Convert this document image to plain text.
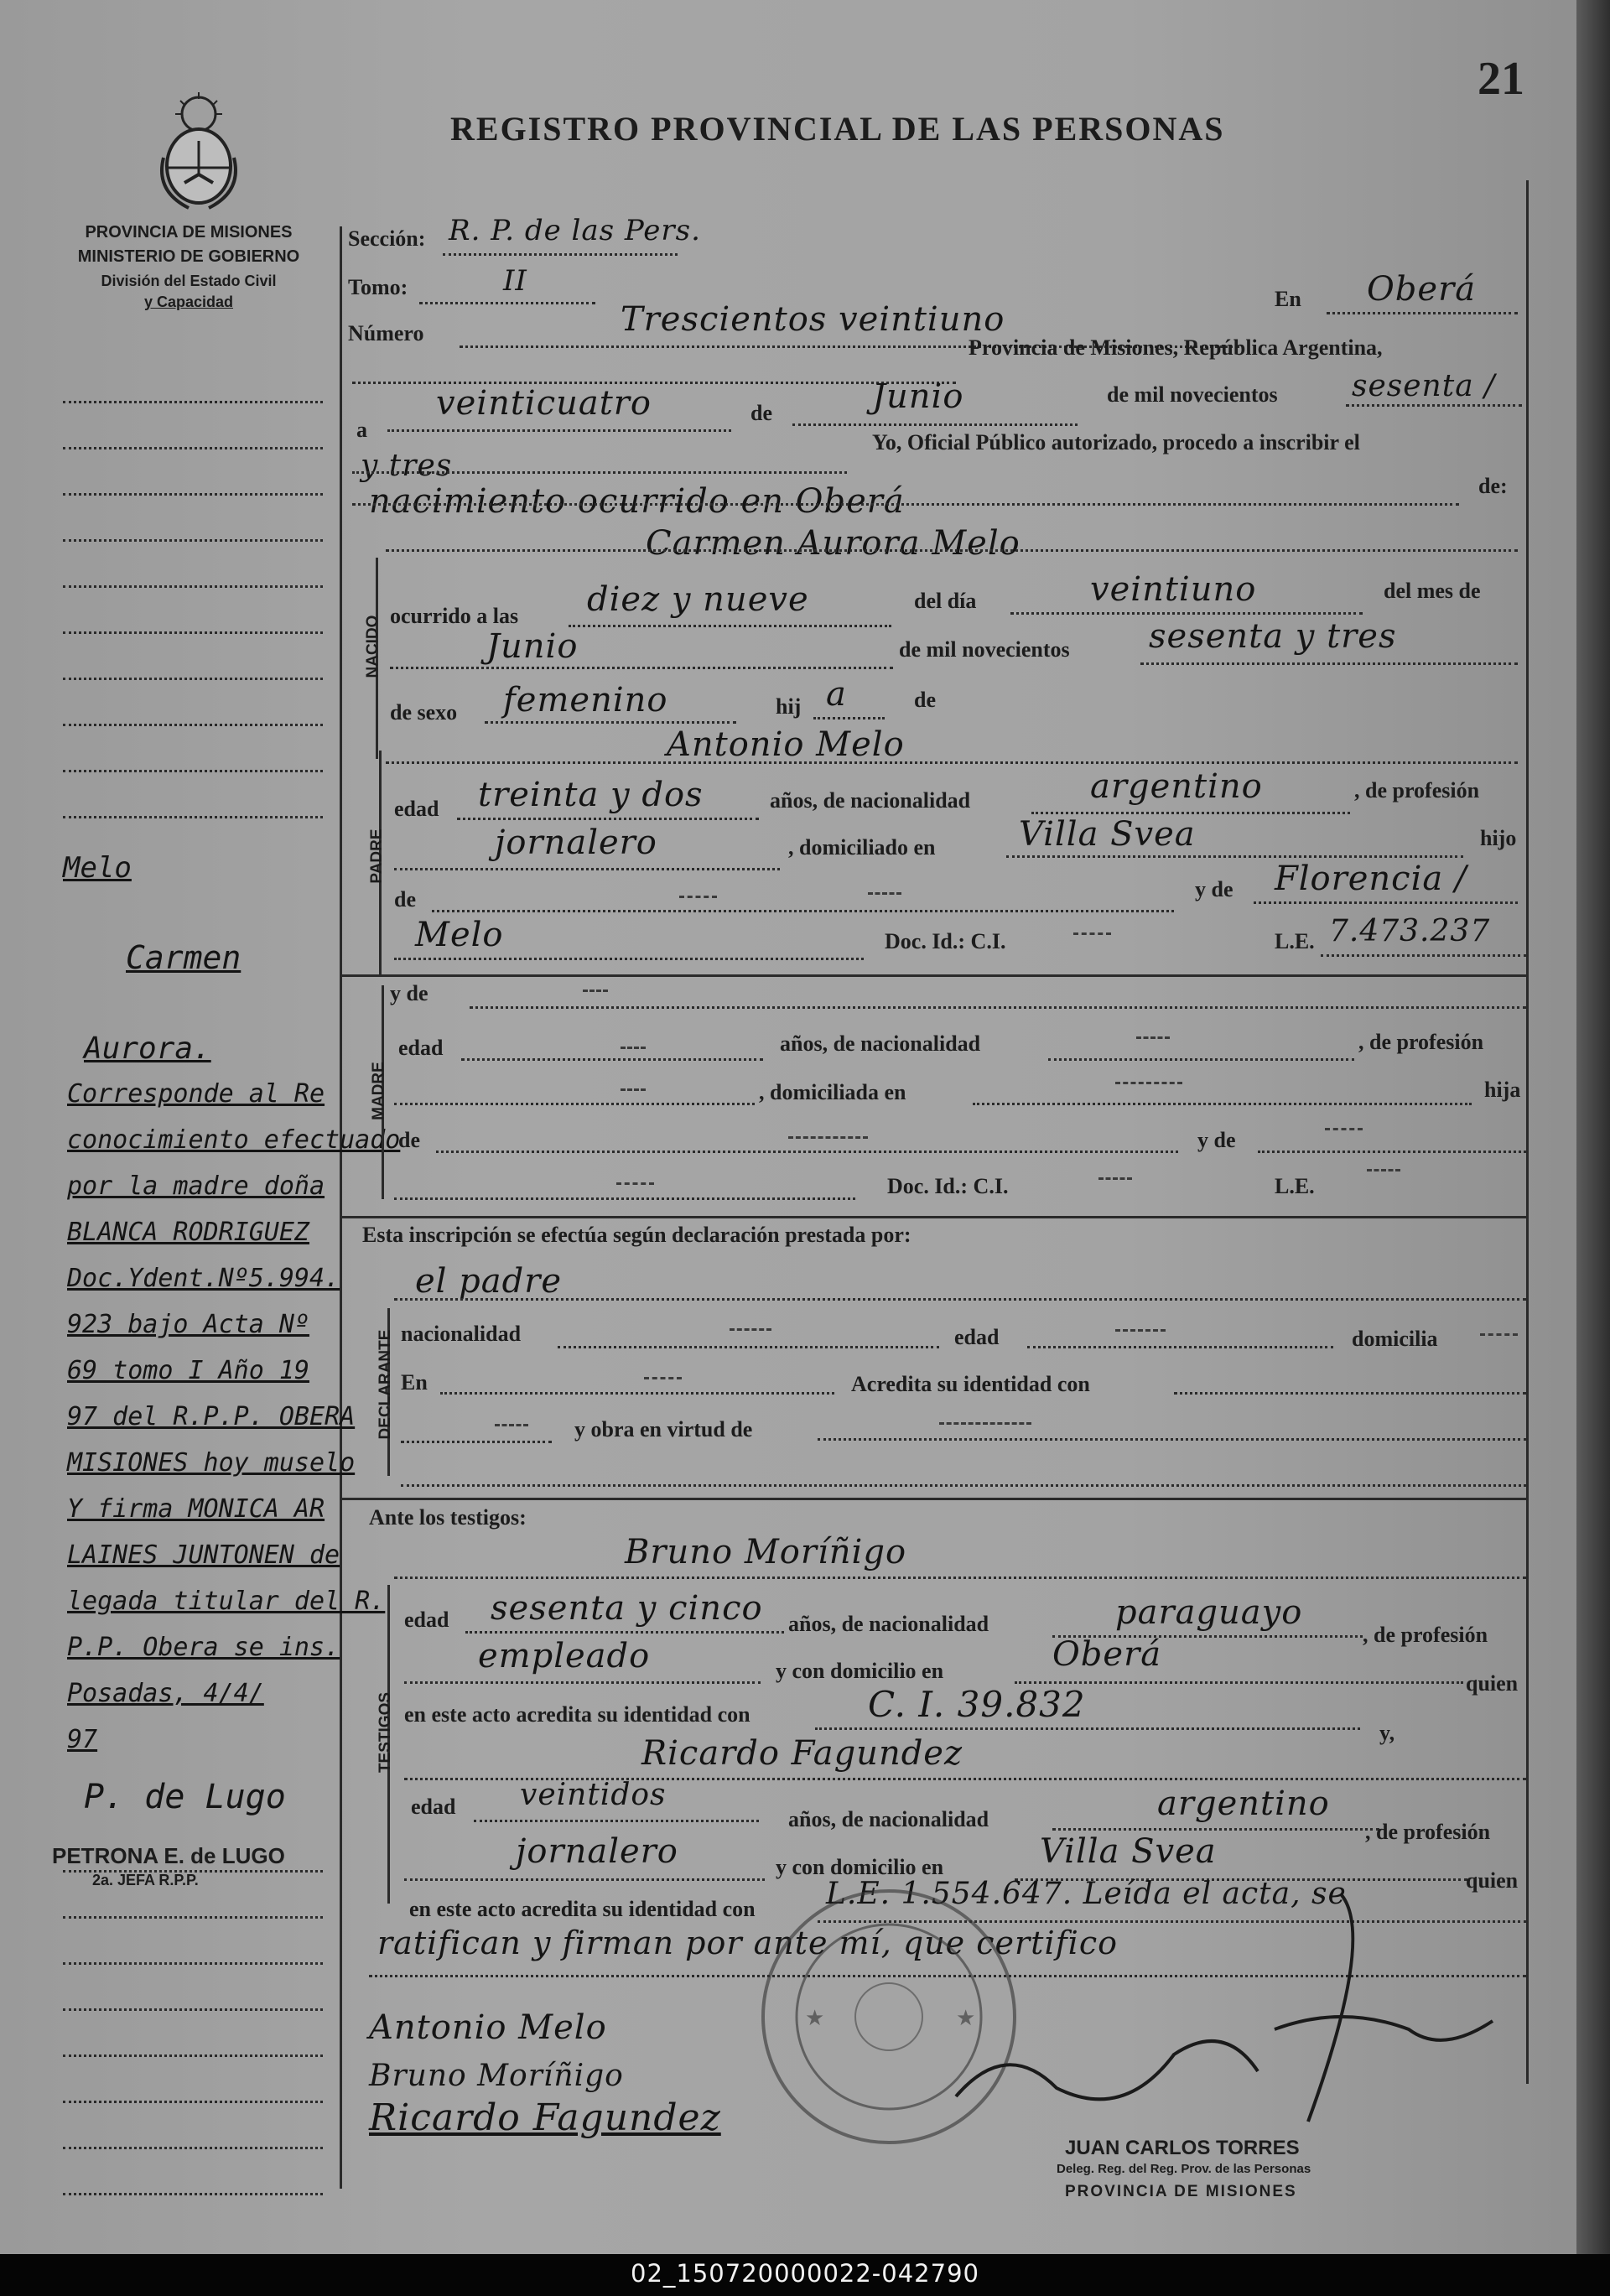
PROVINCIA DE MISIONES
MINISTERIO DE GOBIERNO
División del Estado Civil
y Capacidad
REGISTRO PROVINCIAL DE LAS PERSONAS
21
Melo
Carmen
Aurora.
Corresponde al Re
conocimiento efectuado
por la madre doña
BLANCA RODRIGUEZ
Doc.Ydent.Nº5.994.
923 bajo Acta Nº
69 tomo I Año 19
97 del R.P.P. OBERA
MISIONES hoy muselo
Y firma MONICA AR
LAINES JUNTONEN de
legada titular del R.
P.P. Obera se ins.
Posadas, 4/4/
97
P. de Lugo
PETRONA E. de LUGO
2a. JEFA R.P.P.
Sección: R. P. de las Pers.
Tomo:	II
Número	Trescientos veintiuno
En Oberá
Provincia de Misiones, República Argentina,
a
veinticuatro	de	Junio	de mil novecientos sesenta /
y tres
Yo, Oficial Público autorizado, procedo a inscribir el
nacimiento ocurrido en Oberá	de:
NACIDO
Carmen Aurora Melo
ocurrido a las diez y nueve	del día	veintiuno	del mes de
Junio	de mil novecientos sesenta y tres
de sexo femenino	hij a	de
PADRE
Antonio Melo
edad treinta y dos	años, de nacionalidad	argentino	, de profesión
jornalero	, domiciliado en Villa Svea	hijo
de	y de Florencia /
Melo	Doc. Id.: C.I.	L.E. 7.473.237
MADRE
y de
edad	años, de nacionalidad	, de profesión
, domiciliada en	hija
de	y de
Doc. Id.: C.I.	L.E.
Esta inscripción se efectúa según declaración prestada por:
el padre
DECLARANTE nacionalidad	edad	domicilia
En	Acredita su identidad con
y obra en virtud de
Ante los testigos:
Bruno Moríñigo
TESTIGOS
edad sesenta y cinco años, de nacionalidad	paraguayo
, de profesión
empleado	y con domicilio en	Oberá
quien
en este acto acredita su identidad con	C. I. 39.832
y,
Ricardo Fagundez
edad veintidos
años, de nacionalidad	argentino
, de profesión
jornalero	y con domicilio en	Villa Svea
quien
en este acto acredita su identidad con L.E. 1.554.647. Leída el acta, se
ratifican y firman por ante mí, que certifico
★	★
Antonio Melo
Bruno Moríñigo
Ricardo Fagundez
JUAN CARLOS TORRES
Deleg. Reg. del Reg. Prov. de las Personas
PROVINCIA DE MISIONES
02_150720000022-042790
